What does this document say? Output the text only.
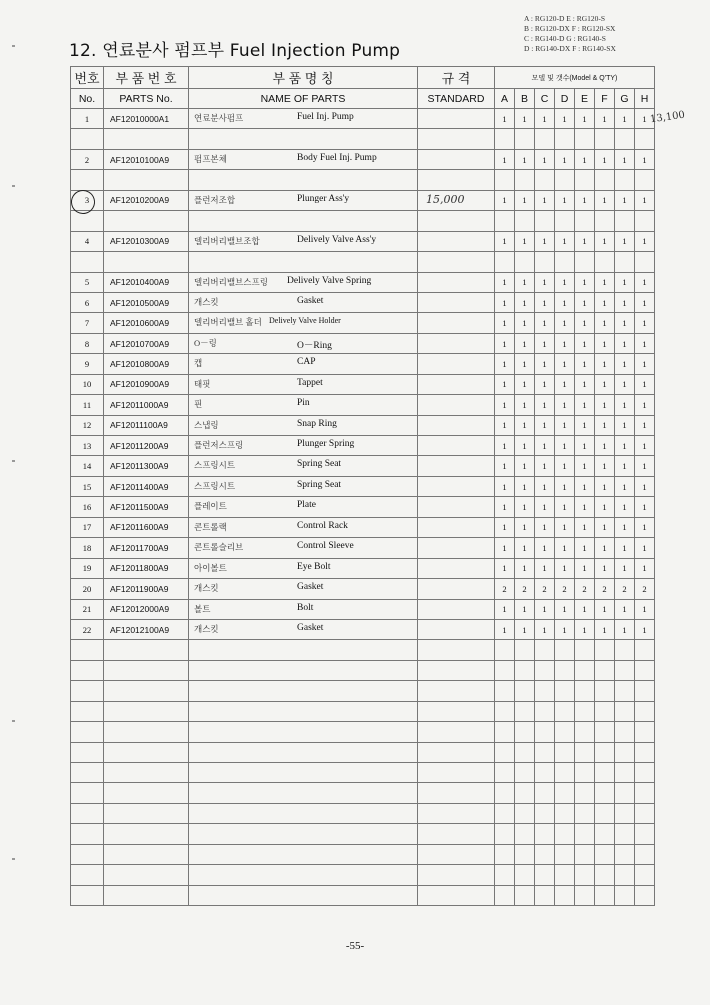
12. 연료분사 펌프부 Fuel Injection Pump
A : RG120-D E : RG120-S
B : RG120-DX F : RG120-SX
C : RG140-D G : RG140-S
D : RG140-DX F : RG140-SX
번호	부 품 번 호	부 품 명 칭	규 격	모델 및 갯수(Model & Q'TY)							
No.	PARTS No.	NAME OF PARTS	STANDARD	A	B	C	D	E	F	G	H
1	AF12010000A1	연료분사펌프 Fuel Inj. Pump		1	1	1	1	1	1	1	1

2	AF12010100A9	펌프본체 Body Fuel Inj. Pump		1	1	1	1	1	1	1	1

3	AF12010200A9	플런저조합 Plunger Ass'y	15,000	1	1	1	1	1	1	1	1

4	AF12010300A9	델리버리밸브조합 Delively Valve Ass'y		1	1	1	1	1	1	1	1

5	AF12010400A9	델리버리밸브스프링 Delively Valve Spring		1	1	1	1	1	1	1	1
6	AF12010500A9	개스킷 Gasket		1	1	1	1	1	1	1	1
7	AF12010600A9	델리버리밸브 홀더 Delively Valve Holder		1	1	1	1	1	1	1	1
8	AF12010700A9	O－링 O－Ring		1	1	1	1	1	1	1	1
9	AF12010800A9	캡 CAP		1	1	1	1	1	1	1	1
10	AF12010900A9	태핏 Tappet		1	1	1	1	1	1	1	1
11	AF12011000A9	핀 Pin		1	1	1	1	1	1	1	1
12	AF12011100A9	스냅링 Snap Ring		1	1	1	1	1	1	1	1
13	AF12011200A9	플런저스프링 Plunger Spring		1	1	1	1	1	1	1	1
14	AF12011300A9	스프링시트 Spring Seat		1	1	1	1	1	1	1	1
15	AF12011400A9	스프링시트 Spring Seat		1	1	1	1	1	1	1	1
16	AF12011500A9	플레이트 Plate		1	1	1	1	1	1	1	1
17	AF12011600A9	콘트롤랙 Control Rack		1	1	1	1	1	1	1	1
18	AF12011700A9	콘트롤슬리브 Control Sleeve		1	1	1	1	1	1	1	1
19	AF12011800A9	아이볼트 Eye Bolt		1	1	1	1	1	1	1	1
20	AF12011900A9	개스킷 Gasket		2	2	2	2	2	2	2	2
21	AF12012000A9	볼트 Bolt		1	1	1	1	1	1	1	1
22	AF12012100A9	개스킷 Gasket		1	1	1	1	1	1	1	1

13,100
-55-
